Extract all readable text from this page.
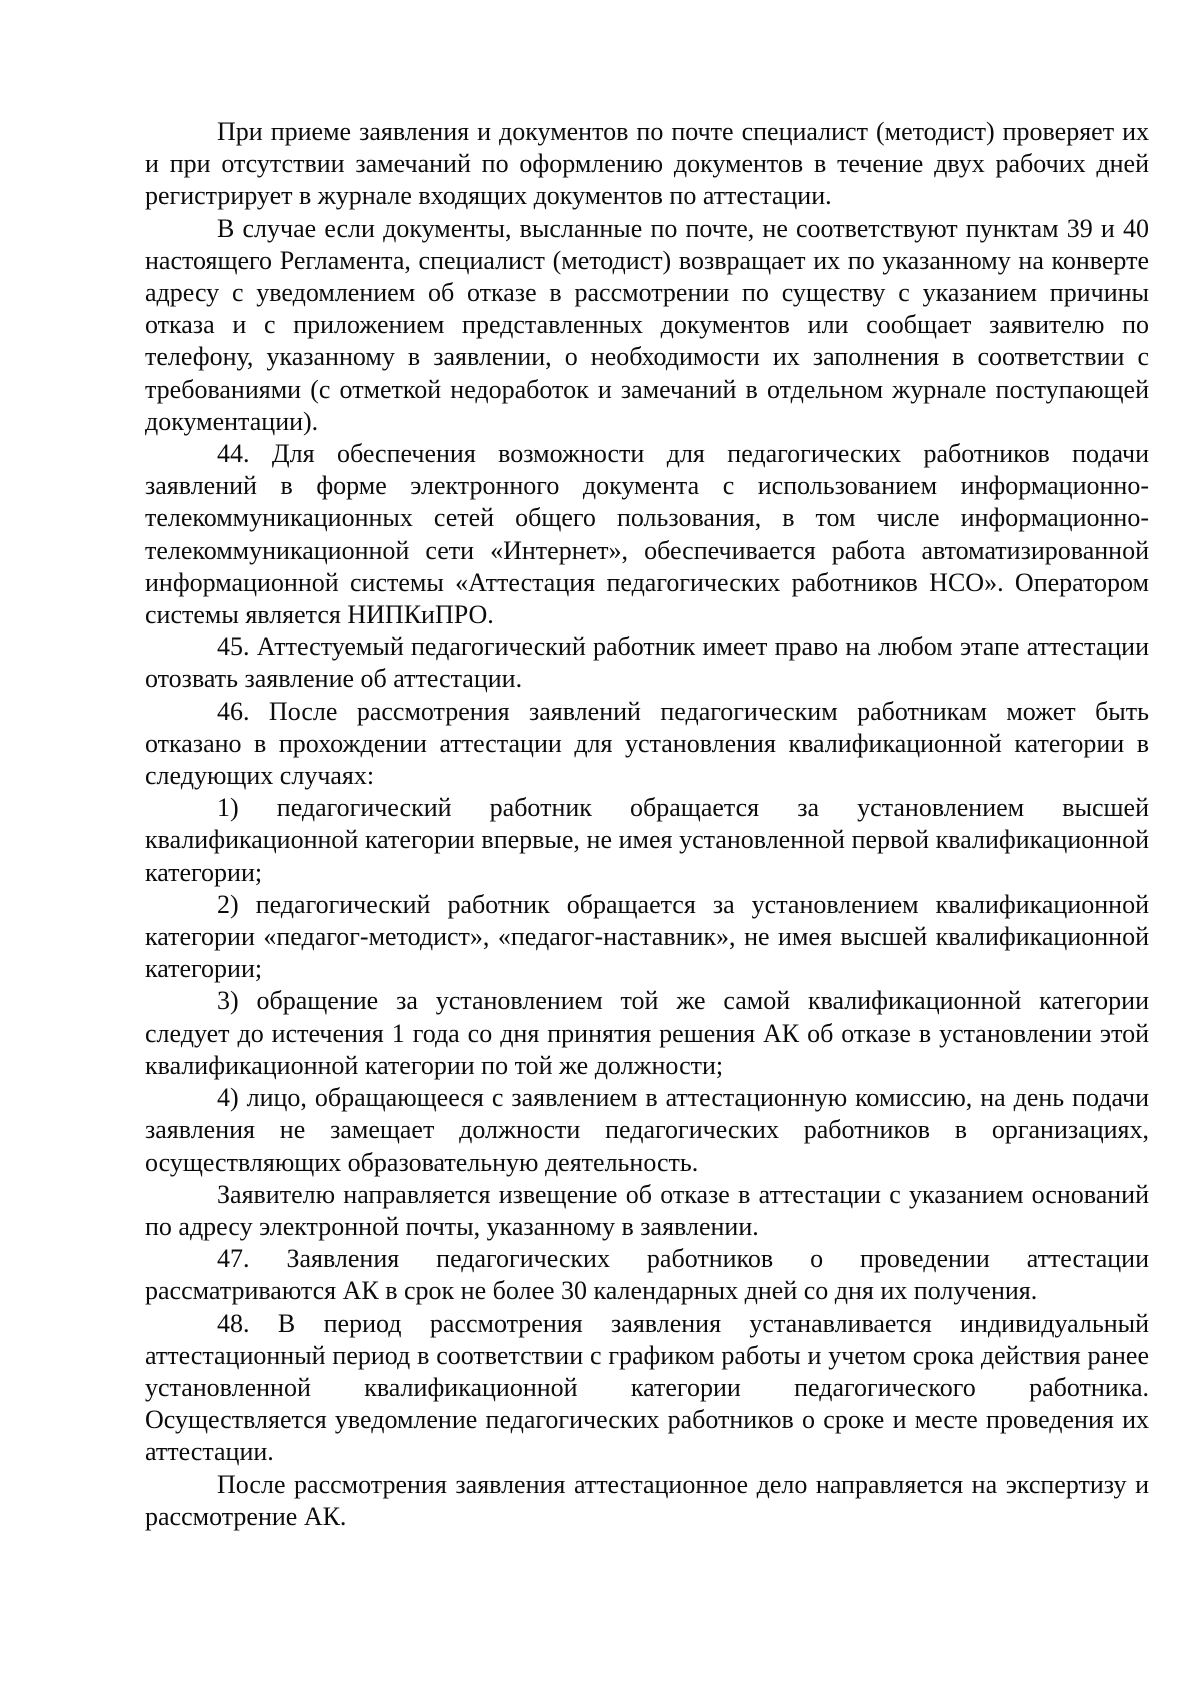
При приеме заявления и документов по почте специалист (методист) проверяет их и при отсутствии замечаний по оформлению документов в течение двух рабочих дней регистрирует в журнале входящих документов по аттестации.

В случае если документы, высланные по почте, не соответствуют пунктам 39 и 40 настоящего Регламента, специалист (методист) возвращает их по указанному на конверте адресу с уведомлением об отказе в рассмотрении по существу с указанием причины отказа и с приложением представленных документов или сообщает заявителю по телефону, указанному в заявлении, о необходимости их заполнения в соответствии с требованиями (с отметкой недоработок и замечаний в отдельном журнале поступающей документации).

44. Для обеспечения возможности для педагогических работников подачи заявлений в форме электронного документа с использованием информационно-телекоммуникационных сетей общего пользования, в том числе информационно-телекоммуникационной сети «Интернет», обеспечивается работа автоматизированной информационной системы «Аттестация педагогических работников НСО». Оператором системы является НИПКиПРО.

45. Аттестуемый педагогический работник имеет право на любом этапе аттестации отозвать заявление об аттестации.

46. После рассмотрения заявлений педагогическим работникам может быть отказано в прохождении аттестации для установления квалификационной категории в следующих случаях:

1) педагогический работник обращается за установлением высшей квалификационной категории впервые, не имея установленной первой квалификационной категории;

2) педагогический работник обращается за установлением квалификационной категории «педагог-методист», «педагог-наставник», не имея высшей квалификационной категории;

3) обращение за установлением той же самой квалификационной категории следует до истечения 1 года со дня принятия решения АК об отказе в установлении этой квалификационной категории по той же должности;

4) лицо, обращающееся с заявлением в аттестационную комиссию, на день подачи заявления не замещает должности педагогических работников в организациях, осуществляющих образовательную деятельность.

Заявителю направляется извещение об отказе в аттестации с указанием оснований по адресу электронной почты, указанному в заявлении.

47. Заявления педагогических работников о проведении аттестации рассматриваются АК в срок не более 30 календарных дней со дня их получения.

48. В период рассмотрения заявления устанавливается индивидуальный аттестационный период в соответствии с графиком работы и учетом срока действия ранее установленной квалификационной категории педагогического работника. Осуществляется уведомление педагогических работников о сроке и месте проведения их аттестации.

После рассмотрения заявления аттестационное дело направляется на экспертизу и рассмотрение АК.
